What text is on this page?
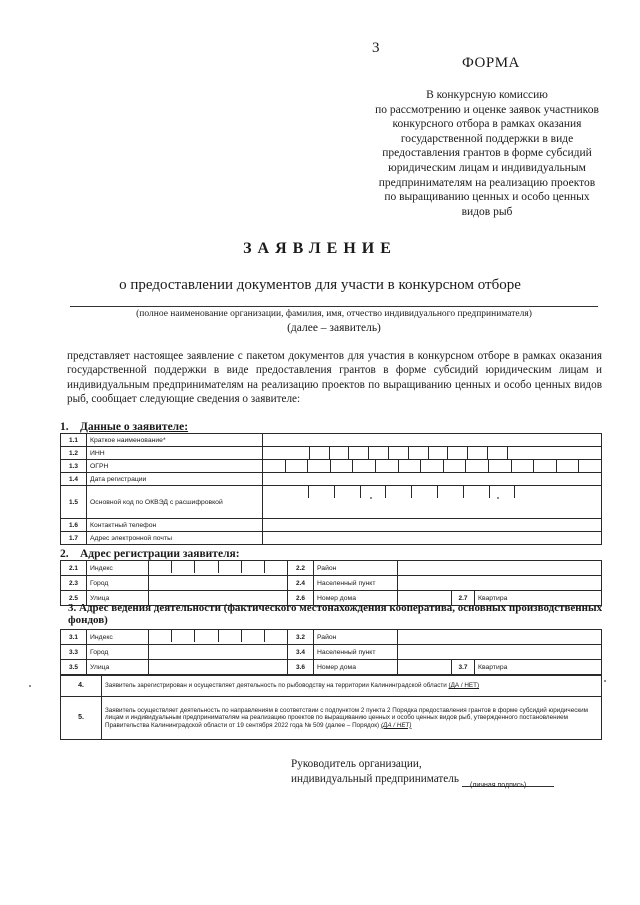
3
ФОРМА
В конкурсную комиссию
по рассмотрению и оценке заявок участников
конкурсного отбора в рамках оказания
государственной поддержки в виде
предоставления грантов в форме субсидий
юридическим лицам и индивидуальным
предпринимателям на реализацию проектов
по выращиванию ценных и особо ценных
видов рыб
ЗАЯВЛЕНИЕ
о предоставлении документов для участи в конкурсном отборе
(полное наименование организации, фамилия, имя, отчество индивидуального предпринимателя)
(далее – заявитель)
представляет настоящее заявление с пакетом документов для участия в конкурсном отборе в рамках оказания государственной поддержки в виде предоставления грантов в форме субсидий юридическим лицам и индивидуальным предпринимателям на реализацию проектов по выращиванию ценных и особо ценных видов рыб, сообщает следующие сведения о заявителе:
1. Данные о заявителе:
1.1	Краткое наименование*	
1.2	ИНН	

1.3	ОГРН	

1.4	Дата регистрации	
1.5	Основной код по ОКВЭД с расшифровкой	

1.6	Контактный телефон	
1.7	Адрес электронной почты	
2. Адрес регистрации заявителя:
2.1	Индекс		2.2	Район			
2.3	Город		2.4	Населенный пункт			
2.5	Улица		2.6	Номер дома		2.7	Квартира
3. Адрес ведения деятельности (фактического местонахождения кооператива, основных производственных фондов)
3.1	Индекс		3.2	Район			
3.3	Город		3.4	Населенный пункт			
3.5	Улица		3.6	Номер дома		3.7	Квартира
4.	Заявитель зарегистрирован и осуществляет деятельность по рыбоводству на территории Калининградской области (ДА / НЕТ)
5.	Заявитель осуществляет деятельность по направлениям в соответствии с подпунктом 2 пункта 2 Порядка предоставления грантов в форме субсидий юридическим лицам и индивидуальным предпринимателям на реализацию проектов по выращиванию ценных и особо ценных видов рыб, утвержденного постановлением Правительства Калининградской области от 19 сентября 2022 года № 509 (далее – Порядок) (ДА / НЕТ)
Руководитель организации,
индивидуальный предприниматель
(личная подпись)
